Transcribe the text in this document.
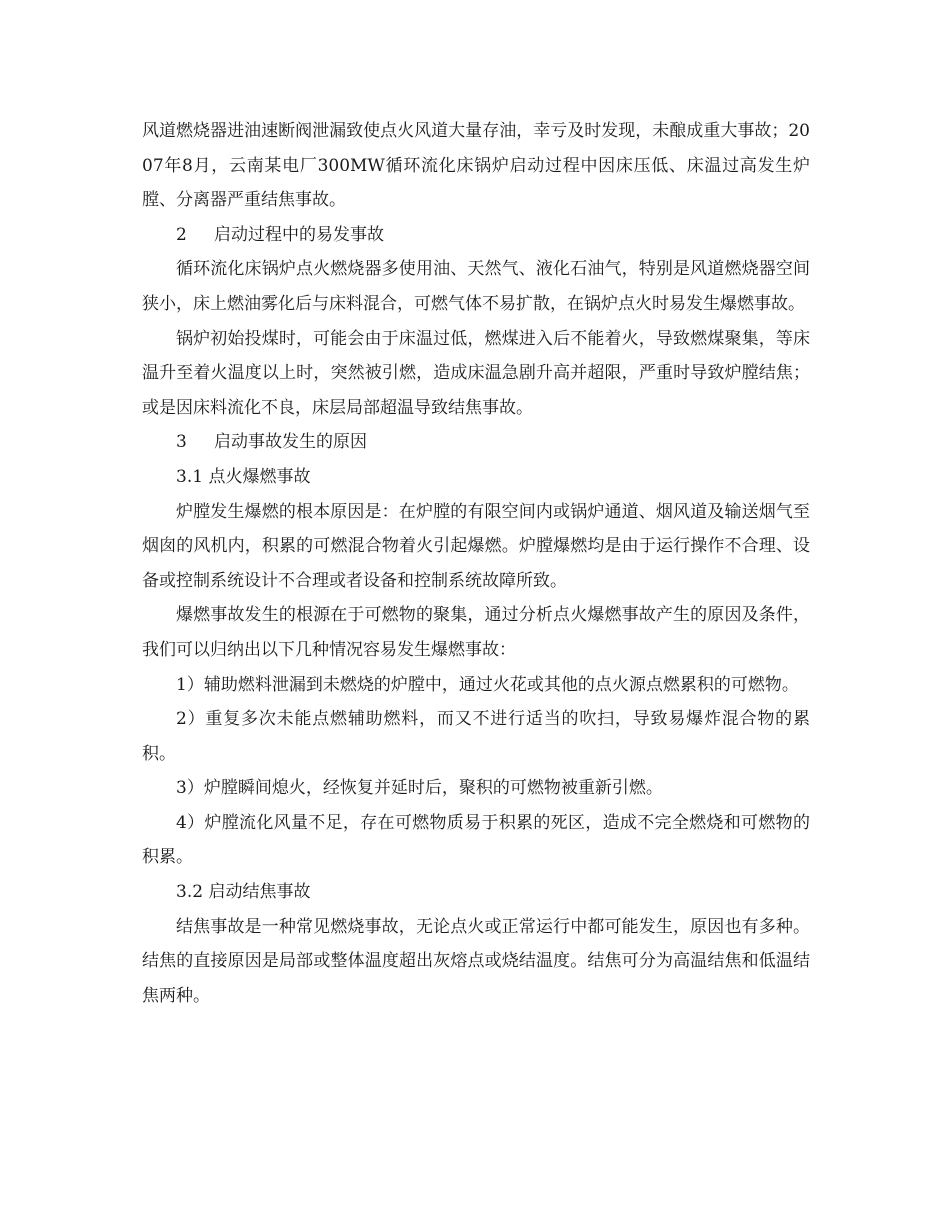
风道燃烧器进油速断阀泄漏致使点火风道大量存油，幸亏及时发现，未酿成重大事故；2007年8月，云南某电厂300MW循环流化床锅炉启动过程中因床压低、床温过高发生炉膛、分离器严重结焦事故。

2 启动过程中的易发事故

循环流化床锅炉点火燃烧器多使用油、天然气、液化石油气，特别是风道燃烧器空间狭小，床上燃油雾化后与床料混合，可燃气体不易扩散，在锅炉点火时易发生爆燃事故。

锅炉初始投煤时，可能会由于床温过低，燃煤进入后不能着火，导致燃煤聚集，等床温升至着火温度以上时，突然被引燃，造成床温急剧升高并超限，严重时导致炉膛结焦；或是因床料流化不良，床层局部超温导致结焦事故。

3 启动事故发生的原因

3.1 点火爆燃事故

炉膛发生爆燃的根本原因是：在炉膛的有限空间内或锅炉通道、烟风道及输送烟气至烟囱的风机内，积累的可燃混合物着火引起爆燃。炉膛爆燃均是由于运行操作不合理、设备或控制系统设计不合理或者设备和控制系统故障所致。

爆燃事故发生的根源在于可燃物的聚集，通过分析点火爆燃事故产生的原因及条件，我们可以归纳出以下几种情况容易发生爆燃事故：

1）辅助燃料泄漏到未燃烧的炉膛中，通过火花或其他的点火源点燃累积的可燃物。

2）重复多次未能点燃辅助燃料，而又不进行适当的吹扫，导致易爆炸混合物的累积。

3）炉膛瞬间熄火，经恢复并延时后，聚积的可燃物被重新引燃。

4）炉膛流化风量不足，存在可燃物质易于积累的死区，造成不完全燃烧和可燃物的积累。

3.2 启动结焦事故

结焦事故是一种常见燃烧事故，无论点火或正常运行中都可能发生，原因也有多种。结焦的直接原因是局部或整体温度超出灰熔点或烧结温度。结焦可分为高温结焦和低温结焦两种。
